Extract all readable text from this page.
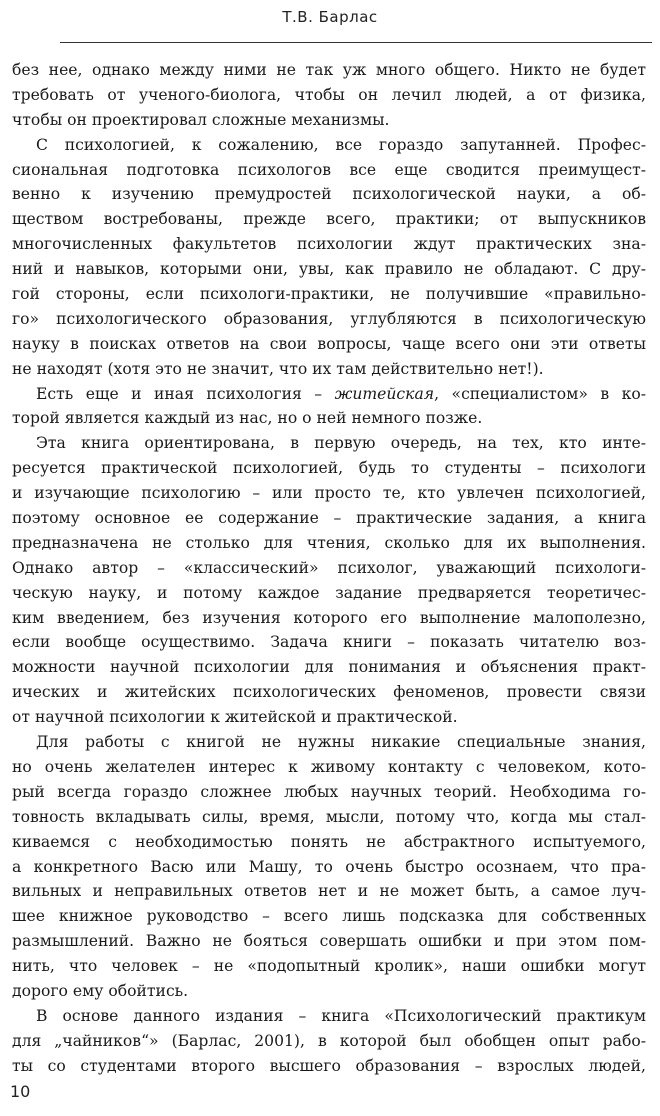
Т.В. Барлас
без нее, однако между ними не так уж много общего. Никто не будет
требовать от ученого-биолога, чтобы он лечил людей, а от физика,
чтобы он проектировал сложные механизмы.
С психологией, к сожалению, все гораздо запутанней. Профес-
сиональная подготовка психологов все еще сводится преимущест-
венно к изучению премудростей психологической науки, а об-
ществом востребованы, прежде всего, практики; от выпускников
многочисленных факультетов психологии ждут практических зна-
ний и навыков, которыми они, увы, как правило не обладают. С дру-
гой стороны, если психологи-практики, не получившие «правильно-
го» психологического образования, углубляются в психологическую
науку в поисках ответов на свои вопросы, чаще всего они эти ответы
не находят (хотя это не значит, что их там действительно нет!).
Есть еще и иная психология – житейская, «специалистом» в ко-
торой является каждый из нас, но о ней немного позже.
Эта книга ориентирована, в первую очередь, на тех, кто инте-
ресуется практической психологией, будь то студенты – психологи
и изучающие психологию – или просто те, кто увлечен психологией,
поэтому основное ее содержание – практические задания, а книга
предназначена не столько для чтения, сколько для их выполнения.
Однако автор – «классический» психолог, уважающий психологи-
ческую науку, и потому каждое задание предваряется теоретичес-
ким введением, без изучения которого его выполнение малополезно,
если вообще осуществимо. Задача книги – показать читателю воз-
можности научной психологии для понимания и объяснения практ-
ических и житейских психологических феноменов, провести связи
от научной психологии к житейской и практической.
Для работы с книгой не нужны никакие специальные знания,
но очень желателен интерес к живому контакту с человеком, кото-
рый всегда гораздо сложнее любых научных теорий. Необходима го-
товность вкладывать силы, время, мысли, потому что, когда мы стал-
киваемся с необходимостью понять не абстрактного испытуемого,
а конкретного Васю или Машу, то очень быстро осознаем, что пра-
вильных и неправильных ответов нет и не может быть, а самое луч-
шее книжное руководство – всего лишь подсказка для собственных
размышлений. Важно не бояться совершать ошибки и при этом пом-
нить, что человек – не «подопытный кролик», наши ошибки могут
дорого ему обойтись.
В основе данного издания – книга «Психологический практикум
для „чайников“» (Барлас, 2001), в которой был обобщен опыт рабо-
ты со студентами второго высшего образования – взрослых людей,
10
